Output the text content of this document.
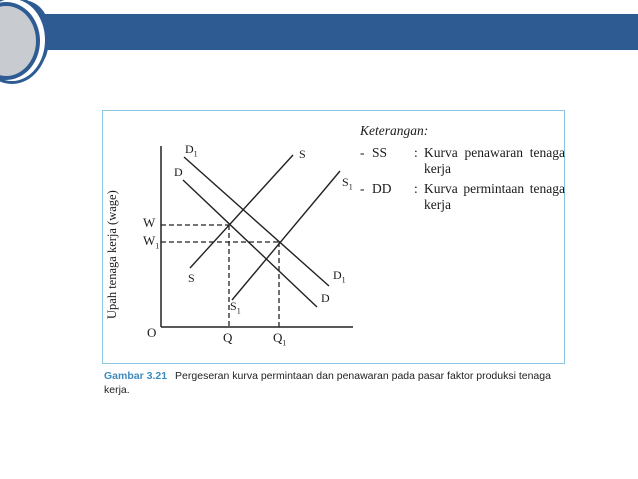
Upah tenaga kerja (wage)
O
W
$W_1$
Q	$Q_1$
S
S
$S_1$
$S_1$
D
D
$D_1$
$D_1$
Keterangan:
- SS	: Kurva penawaran tenaga kerja
- DD	: Kurva permintaan tenaga kerja
Gambar 3.21 Pergeseran kurva permintaan dan penawaran pada pasar faktor produksi tenaga kerja.
